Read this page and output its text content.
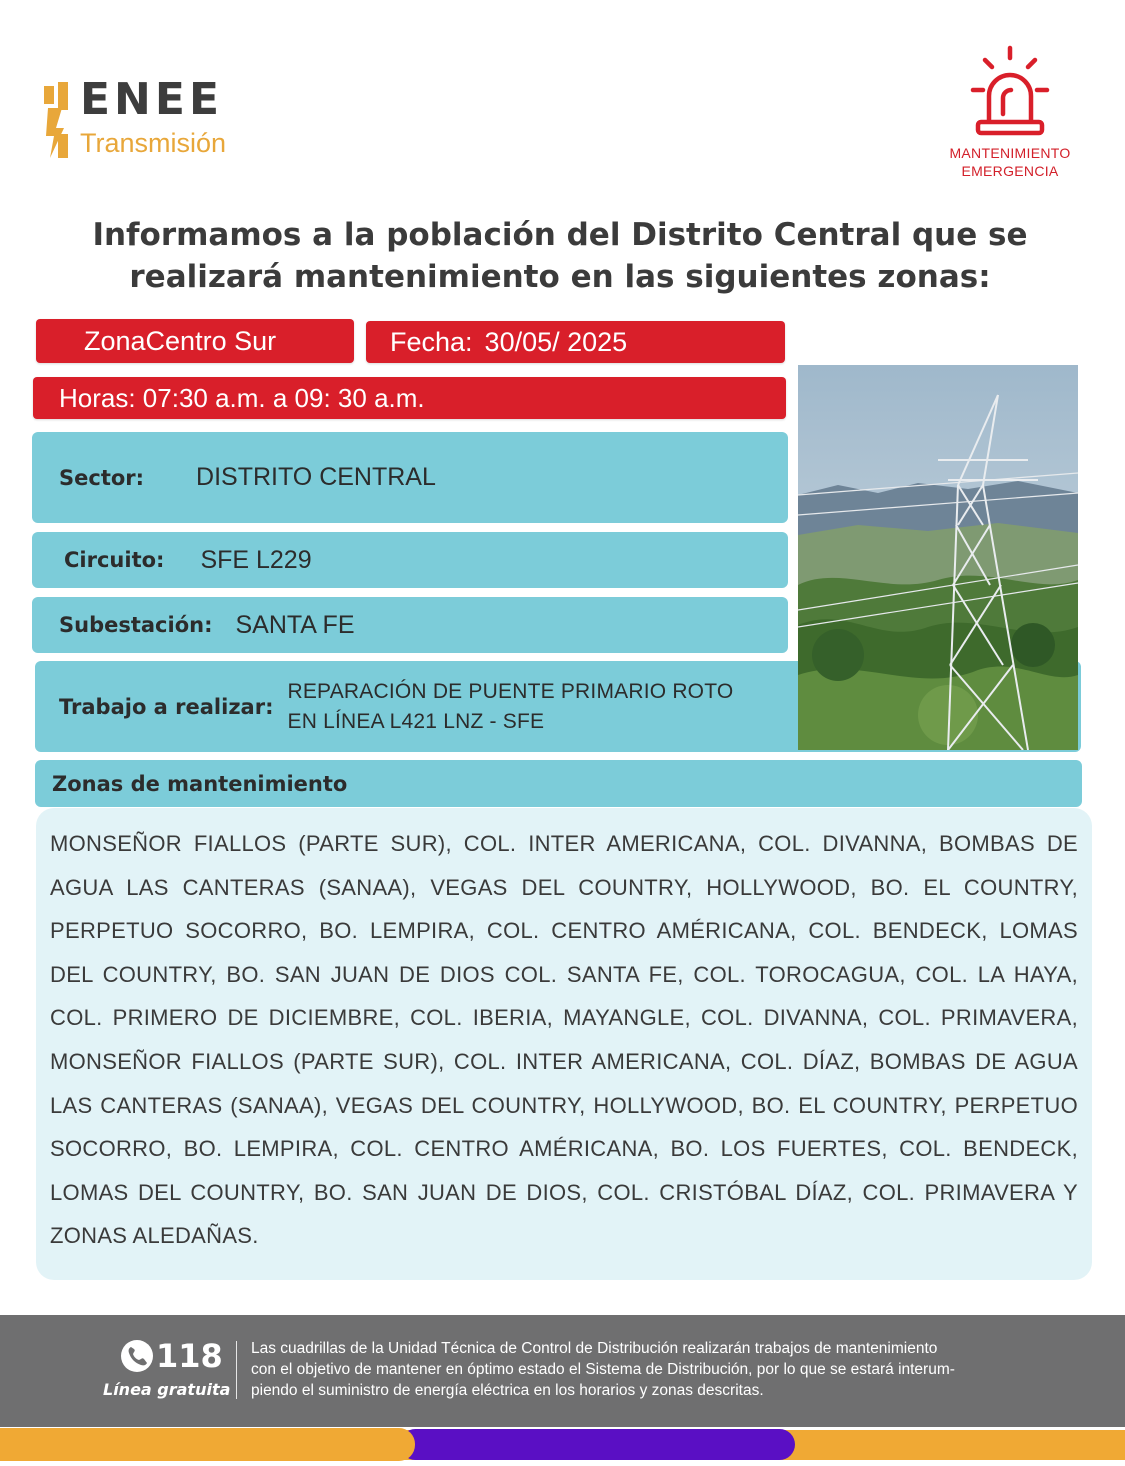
ENEE
Transmisión	MANTENIMIENTO
EMERGENCIA
Informamos a la población del Distrito Central que se
realizará mantenimiento en las siguientes zonas:
ZonaCentro Sur	Fecha: 30/05/ 2025
Horas: 07:30 a.m. a 09: 30 a.m.
Sector: DISTRITO CENTRAL
Circuito: SFE L229
Subestación: SANTA FE
Trabajo a realizar:
REPARACIÓN DE PUENTE PRIMARIO ROTO
EN LÍNEA L421 LNZ - SFE
Zonas de mantenimiento
MONSEÑOR FIALLOS (PARTE SUR), COL. INTER AMERICANA, COL. DIVANNA, BOMBAS DE AGUA LAS CANTERAS (SANAA), VEGAS DEL COUNTRY, HOLLYWOOD, BO. EL COUNTRY, PERPETUO SOCORRO, BO. LEMPIRA, COL. CENTRO AMÉRICANA, COL. BENDECK, LOMAS DEL COUNTRY, BO. SAN JUAN DE DIOS COL. SANTA FE, COL. TOROCAGUA, COL. LA HAYA, COL. PRIMERO DE DICIEMBRE, COL. IBERIA, MAYANGLE, COL. DIVANNA, COL. PRIMAVERA, MONSEÑOR FIALLOS (PARTE SUR), COL. INTER AMERICANA, COL. DÍAZ, BOMBAS DE AGUA LAS CANTERAS (SANAA), VEGAS DEL COUNTRY, HOLLYWOOD, BO. EL COUNTRY, PERPETUO SOCORRO, BO. LEMPIRA, COL. CENTRO AMÉRICANA, BO. LOS FUERTES, COL. BENDECK, LOMAS DEL COUNTRY, BO. SAN JUAN DE DIOS, COL. CRISTÓBAL DÍAZ, COL. PRIMAVERA Y ZONAS ALEDAÑAS.
118
Línea gratuita
Las cuadrillas de la Unidad Técnica de Control de Distribución realizarán trabajos de mantenimiento
con el objetivo de mantener en óptimo estado el Sistema de Distribución, por lo que se estará interum-
piendo el suministro de energía eléctrica en los horarios y zonas descritas.
